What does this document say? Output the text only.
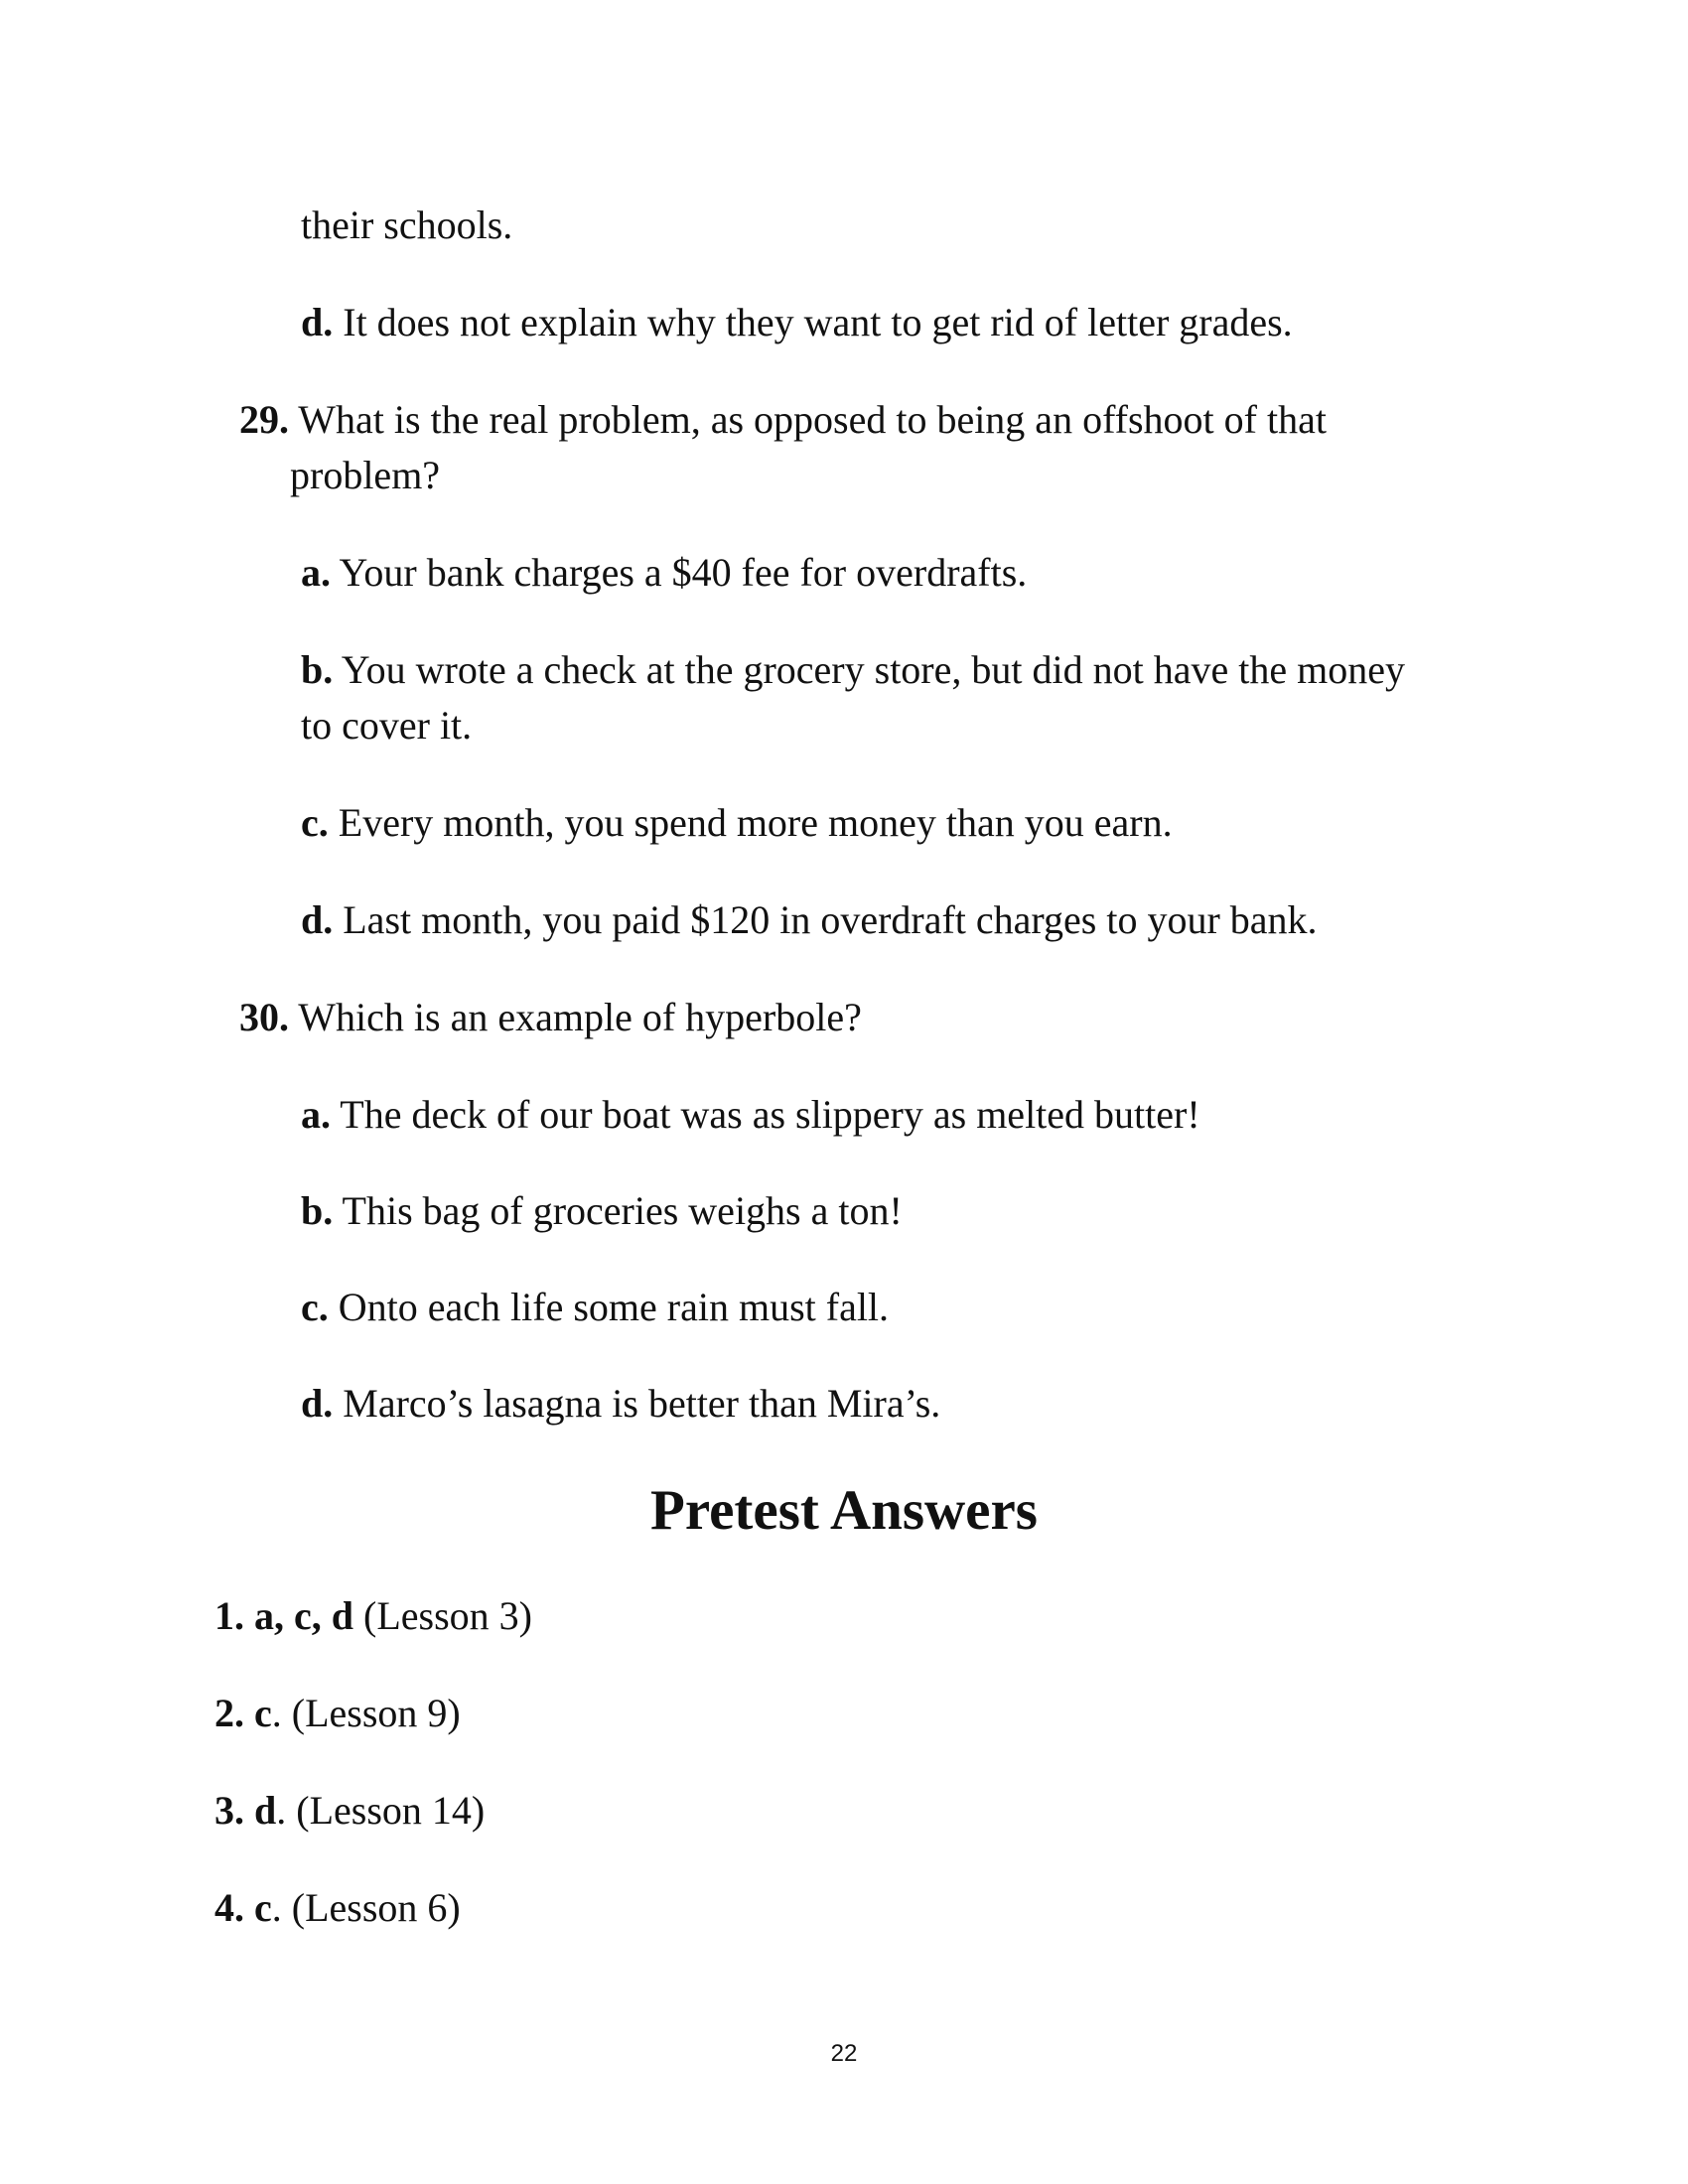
their schools.
d. It does not explain why they want to get rid of letter grades.
29. What is the real problem, as opposed to being an offshoot of that
problem?
a. Your bank charges a $40 fee for overdrafts.
b. You wrote a check at the grocery store, but did not have the money
to cover it.
c. Every month, you spend more money than you earn.
d. Last month, you paid $120 in overdraft charges to your bank.
30. Which is an example of hyperbole?
a. The deck of our boat was as slippery as melted butter!
b. This bag of groceries weighs a ton!
c. Onto each life some rain must fall.
d. Marco’s lasagna is better than Mira’s.
Pretest Answers
1. a, c, d (Lesson 3)
2. c. (Lesson 9)
3. d. (Lesson 14)
4. c. (Lesson 6)
22
